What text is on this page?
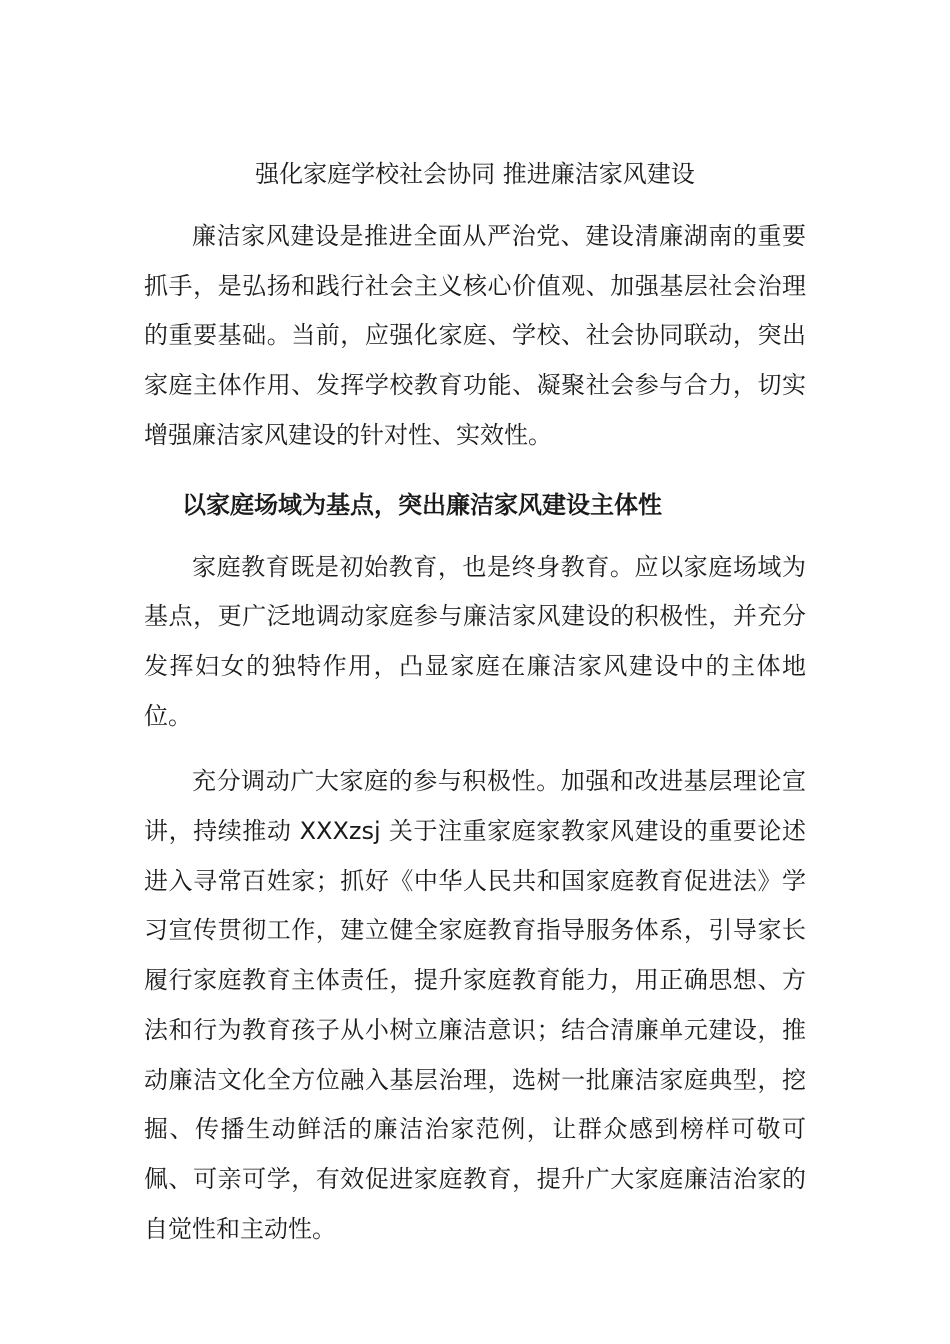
强化家庭学校社会协同 推进廉洁家风建设

廉洁家风建设是推进全面从严治党、建设清廉湖南的重要抓手，是弘扬和践行社会主义核心价值观、加强基层社会治理的重要基础。当前，应强化家庭、学校、社会协同联动，突出家庭主体作用、发挥学校教育功能、凝聚社会参与合力，切实增强廉洁家风建设的针对性、实效性。

以家庭场域为基点，突出廉洁家风建设主体性

家庭教育既是初始教育，也是终身教育。应以家庭场域为基点，更广泛地调动家庭参与廉洁家风建设的积极性，并充分发挥妇女的独特作用，凸显家庭在廉洁家风建设中的主体地位。

充分调动广大家庭的参与积极性。加强和改进基层理论宣讲，持续推动 XXXzsj 关于注重家庭家教家风建设的重要论述进入寻常百姓家；抓好《中华人民共和国家庭教育促进法》学习宣传贯彻工作，建立健全家庭教育指导服务体系，引导家长履行家庭教育主体责任，提升家庭教育能力，用正确思想、方法和行为教育孩子从小树立廉洁意识；结合清廉单元建设，推动廉洁文化全方位融入基层治理，选树一批廉洁家庭典型，挖掘、传播生动鲜活的廉洁治家范例，让群众感到榜样可敬可佩、可亲可学，有效促进家庭教育，提升广大家庭廉洁治家的自觉性和主动性。
